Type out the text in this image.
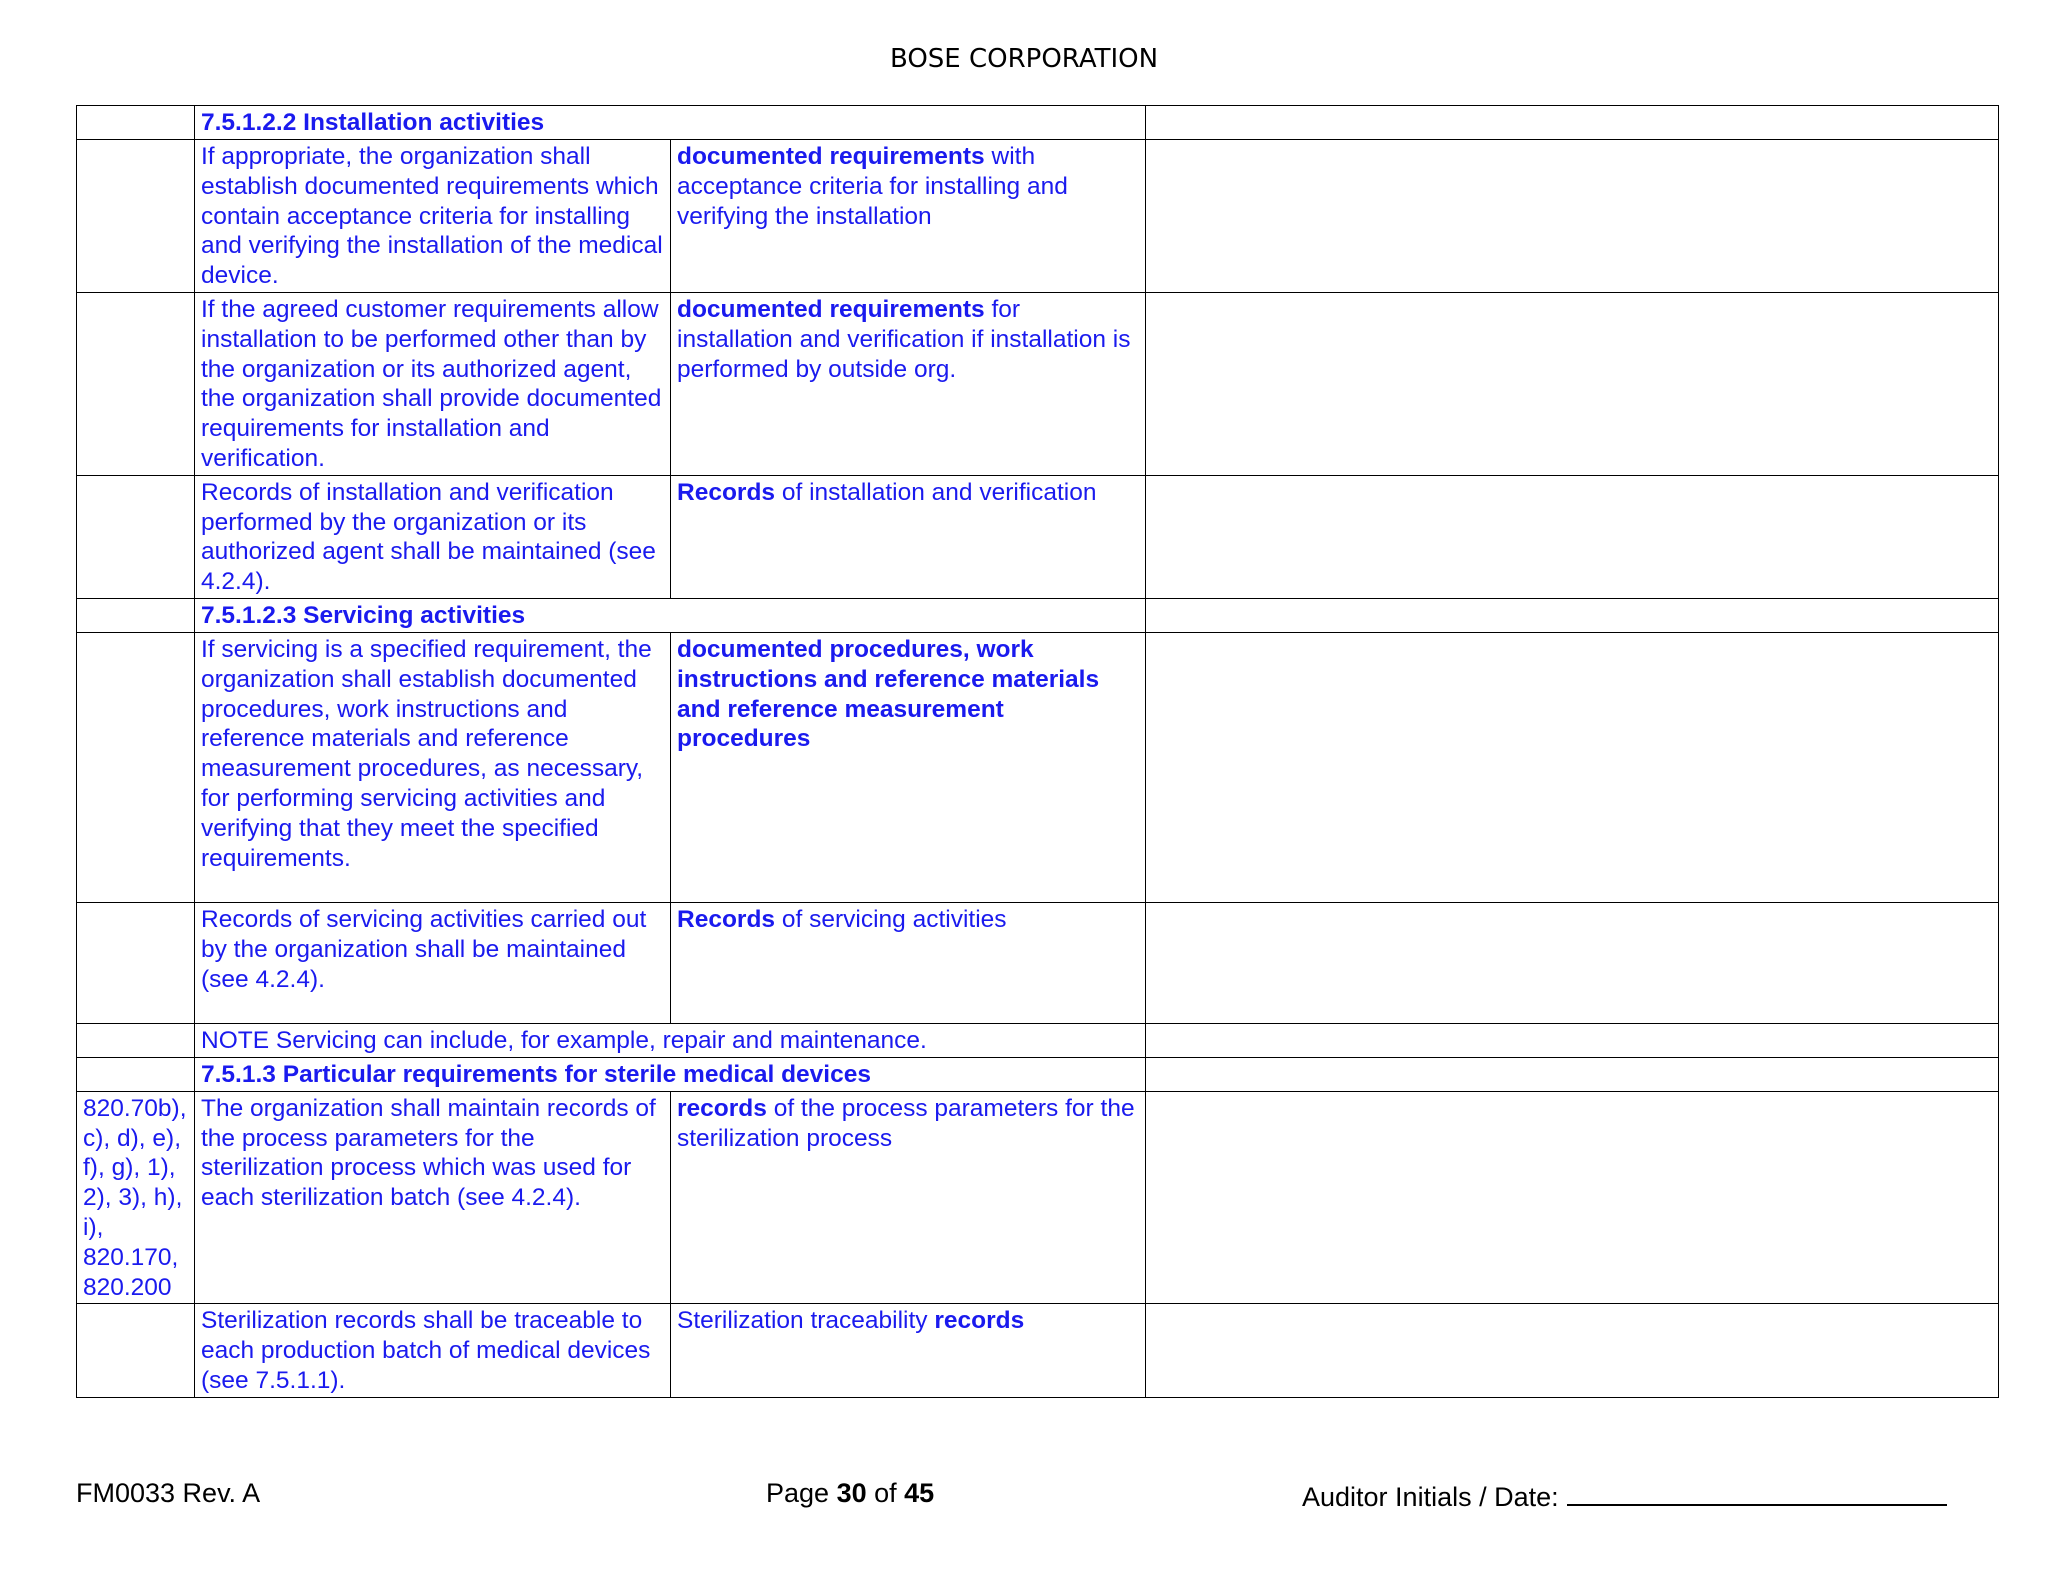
BOSE CORPORATION
	7.5.1.2.2 Installation activities		
	If appropriate, the organization shall establish documented requirements which contain acceptance criteria for installing and verifying the installation of the medical device.	documented requirements with acceptance criteria for installing and verifying the installation	
	If the agreed customer requirements allow installation to be performed other than by the organization or its authorized agent, the organization shall provide documented requirements for installation and verification.	documented requirements for installation and verification if installation is performed by outside org.	
	Records of installation and verification performed by the organization or its authorized agent shall be maintained (see 4.2.4).	Records of installation and verification	
	7.5.1.2.3 Servicing activities		
	If servicing is a specified requirement, the organization shall establish documented procedures, work instructions and reference materials and reference measurement procedures, as necessary, for performing servicing activities and verifying that they meet the specified requirements.	documented procedures, work instructions and reference materials and reference measurement procedures	
	Records of servicing activities carried out by the organization shall be maintained (see 4.2.4).	Records of servicing activities	
	NOTE Servicing can include, for example, repair and maintenance.		
	7.5.1.3 Particular requirements for sterile medical devices		
820.70b), c), d), e), f), g), 1), 2), 3), h), i), 820.170, 820.200	The organization shall maintain records of the process parameters for the sterilization process which was used for each sterilization batch (see 4.2.4).	records of the process parameters for the sterilization process	
	Sterilization records shall be traceable to each production batch of medical devices (see 7.5.1.1).	Sterilization traceability records	
FM0033 Rev. A	Page 30 of 45	Auditor Initials / Date:
